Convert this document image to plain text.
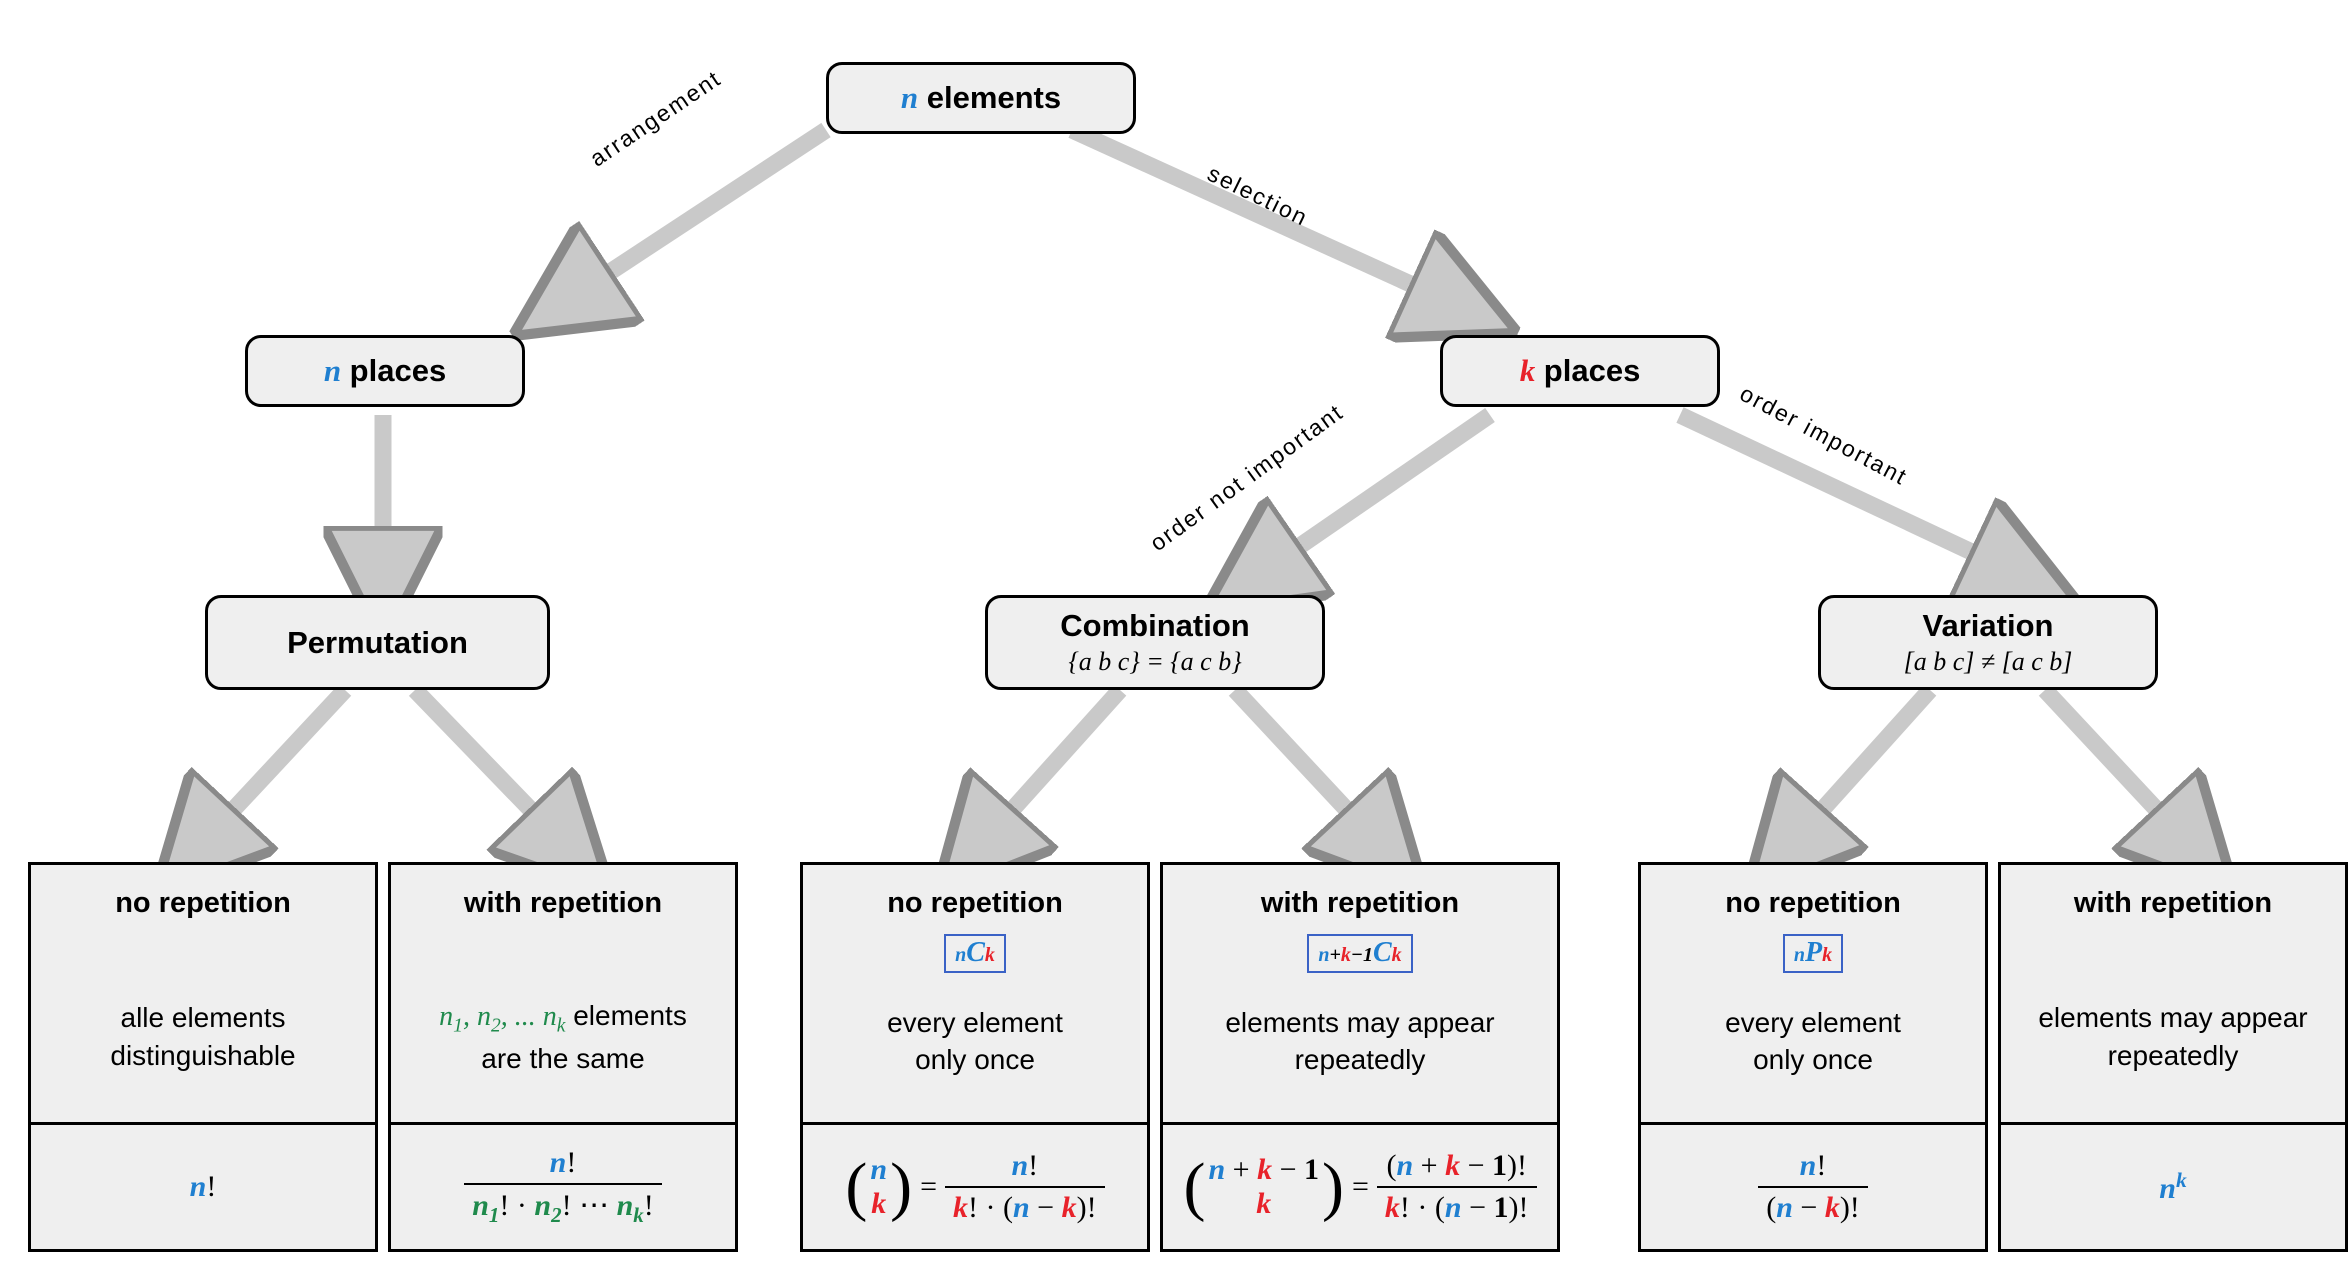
arrangement
selection
order not important	order important
n elements
n places	k places
Permutation	Combination
{a b c} = {a c b}
Variation
[a b c] ≠ [a c b]
no repetition
alle elements
distinguishable
n!
with repetition
$n_1$, $n_2$, ... $n_k$ elements
are the same
$\frac{n!}{n_1! \cdot n_2! \cdots n_k!}$
no repetition
nCk
every element
only once
( n
k ) = $\frac{n!}{k! \cdot (n - k)!}$
with repetition
n+k−1Ck
elements may appear
repeatedly
( n + k − 1
k ) = $\frac{(n + k - 1)!}{k! \cdot (n - 1)!}$
no repetition
nPk
every element
only once
$\frac{n!}{(n - k)!}$
with repetition
elements may appear
repeatedly
$n^k$
